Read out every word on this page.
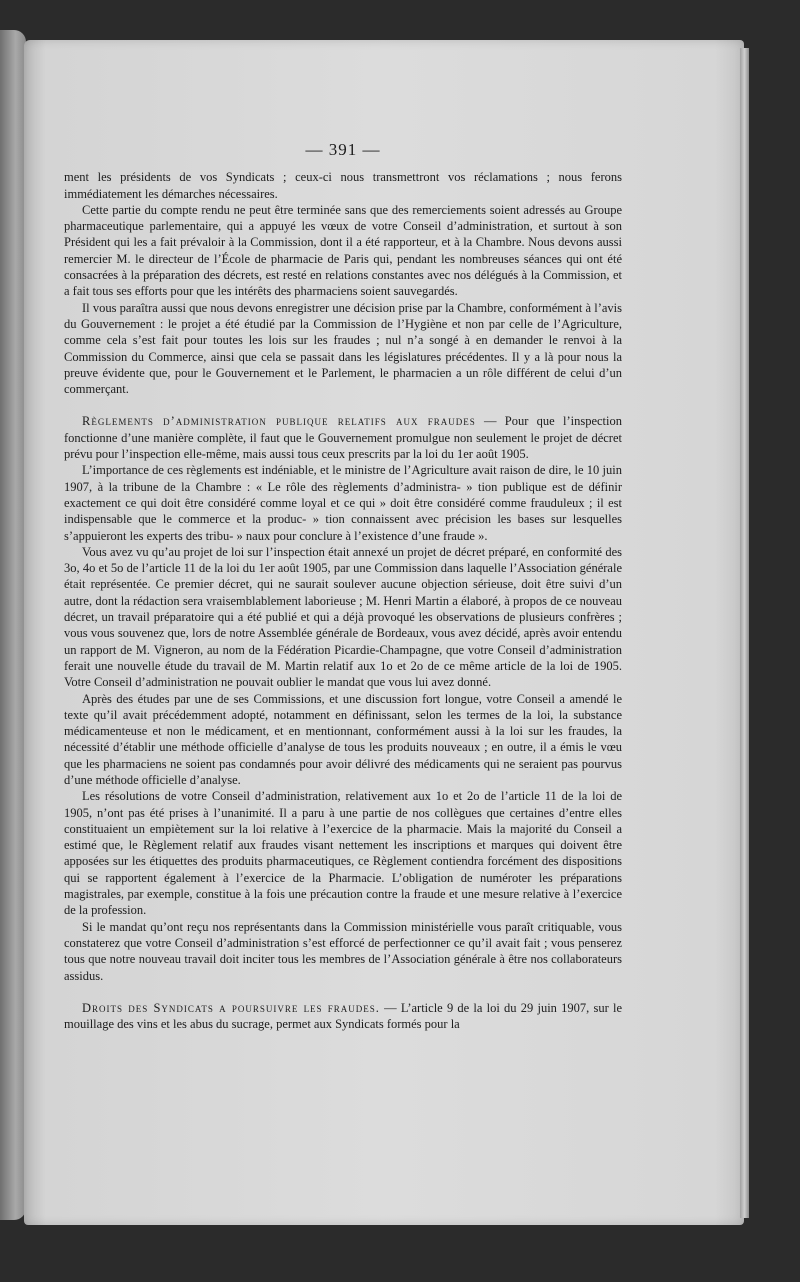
— 391 —

ment les présidents de vos Syndicats ; ceux-ci nous transmettront vos réclamations ; nous ferons immédiatement les démarches nécessaires.

Cette partie du compte rendu ne peut être terminée sans que des remerciements soient adressés au Groupe pharmaceutique parlementaire, qui a appuyé les vœux de votre Conseil d’administration, et surtout à son Président qui les a fait prévaloir à la Commission, dont il a été rapporteur, et à la Chambre. Nous devons aussi remercier M. le directeur de l’École de pharmacie de Paris qui, pendant les nombreuses séances qui ont été consacrées à la préparation des décrets, est resté en relations constantes avec nos délégués à la Commission, et a fait tous ses efforts pour que les intérêts des pharmaciens soient sauvegardés.

Il vous paraîtra aussi que nous devons enregistrer une décision prise par la Chambre, conformément à l’avis du Gouvernement : le projet a été étudié par la Commission de l’Hygiène et non par celle de l’Agriculture, comme cela s’est fait pour toutes les lois sur les fraudes ; nul n’a songé à en demander le renvoi à la Commission du Commerce, ainsi que cela se passait dans les législatures précédentes. Il y a là pour nous la preuve évidente que, pour le Gouvernement et le Parlement, le pharmacien a un rôle différent de celui d’un commerçant.

Règlements d’administration publique relatifs aux fraudes — Pour que l’inspection fonctionne d’une manière complète, il faut que le Gouvernement promulgue non seulement le projet de décret prévu pour l’inspection elle-même, mais aussi tous ceux prescrits par la loi du 1er août 1905.

L’importance de ces règlements est indéniable, et le ministre de l’Agriculture avait raison de dire, le 10 juin 1907, à la tribune de la Chambre : « Le rôle des règlements d’administra- » tion publique est de définir exactement ce qui doit être considéré comme loyal et ce qui » doit être considéré comme frauduleux ; il est indispensable que le commerce et la produc- » tion connaissent avec précision les bases sur lesquelles s’appuieront les experts des tribu- » naux pour conclure à l’existence d’une fraude ».

Vous avez vu qu’au projet de loi sur l’inspection était annexé un projet de décret préparé, en conformité des 3o, 4o et 5o de l’article 11 de la loi du 1er août 1905, par une Commission dans laquelle l’Association générale était représentée. Ce premier décret, qui ne saurait soulever aucune objection sérieuse, doit être suivi d’un autre, dont la rédaction sera vraisemblablement laborieuse ; M. Henri Martin a élaboré, à propos de ce nouveau décret, un travail préparatoire qui a été publié et qui a déjà provoqué les observations de plusieurs confrères ; vous vous souvenez que, lors de notre Assemblée générale de Bordeaux, vous avez décidé, après avoir entendu un rapport de M. Vigneron, au nom de la Fédération Picardie-Champagne, que votre Conseil d’administration ferait une nouvelle étude du travail de M. Martin relatif aux 1o et 2o de ce même article de la loi de 1905. Votre Conseil d’administration ne pouvait oublier le mandat que vous lui avez donné.

Après des études par une de ses Commissions, et une discussion fort longue, votre Conseil a amendé le texte qu’il avait précédemment adopté, notamment en définissant, selon les termes de la loi, la substance médicamenteuse et non le médicament, et en mentionnant, conformément aussi à la loi sur les fraudes, la nécessité d’établir une méthode officielle d’analyse de tous les produits nouveaux ; en outre, il a émis le vœu que les pharmaciens ne soient pas condamnés pour avoir délivré des médicaments qui ne seraient pas pourvus d’une méthode officielle d’analyse.

Les résolutions de votre Conseil d’administration, relativement aux 1o et 2o de l’article 11 de la loi de 1905, n’ont pas été prises à l’unanimité. Il a paru à une partie de nos collègues que certaines d’entre elles constituaient un empiètement sur la loi relative à l’exercice de la pharmacie. Mais la majorité du Conseil a estimé que, le Règlement relatif aux fraudes visant nettement les inscriptions et marques qui doivent être apposées sur les étiquettes des produits pharmaceutiques, ce Règlement contiendra forcément des dispositions qui se rapportent également à l’exercice de la Pharmacie. L’obligation de numéroter les préparations magistrales, par exemple, constitue à la fois une précaution contre la fraude et une mesure relative à l’exercice de la profession.

Si le mandat qu’ont reçu nos représentants dans la Commission ministérielle vous paraît critiquable, vous constaterez que votre Conseil d’administration s’est efforcé de perfectionner ce qu’il avait fait ; vous penserez tous que notre nouveau travail doit inciter tous les membres de l’Association générale à être nos collaborateurs assidus.

Droits des Syndicats a poursuivre les fraudes. — L’article 9 de la loi du 29 juin 1907, sur le mouillage des vins et les abus du sucrage, permet aux Syndicats formés pour la
